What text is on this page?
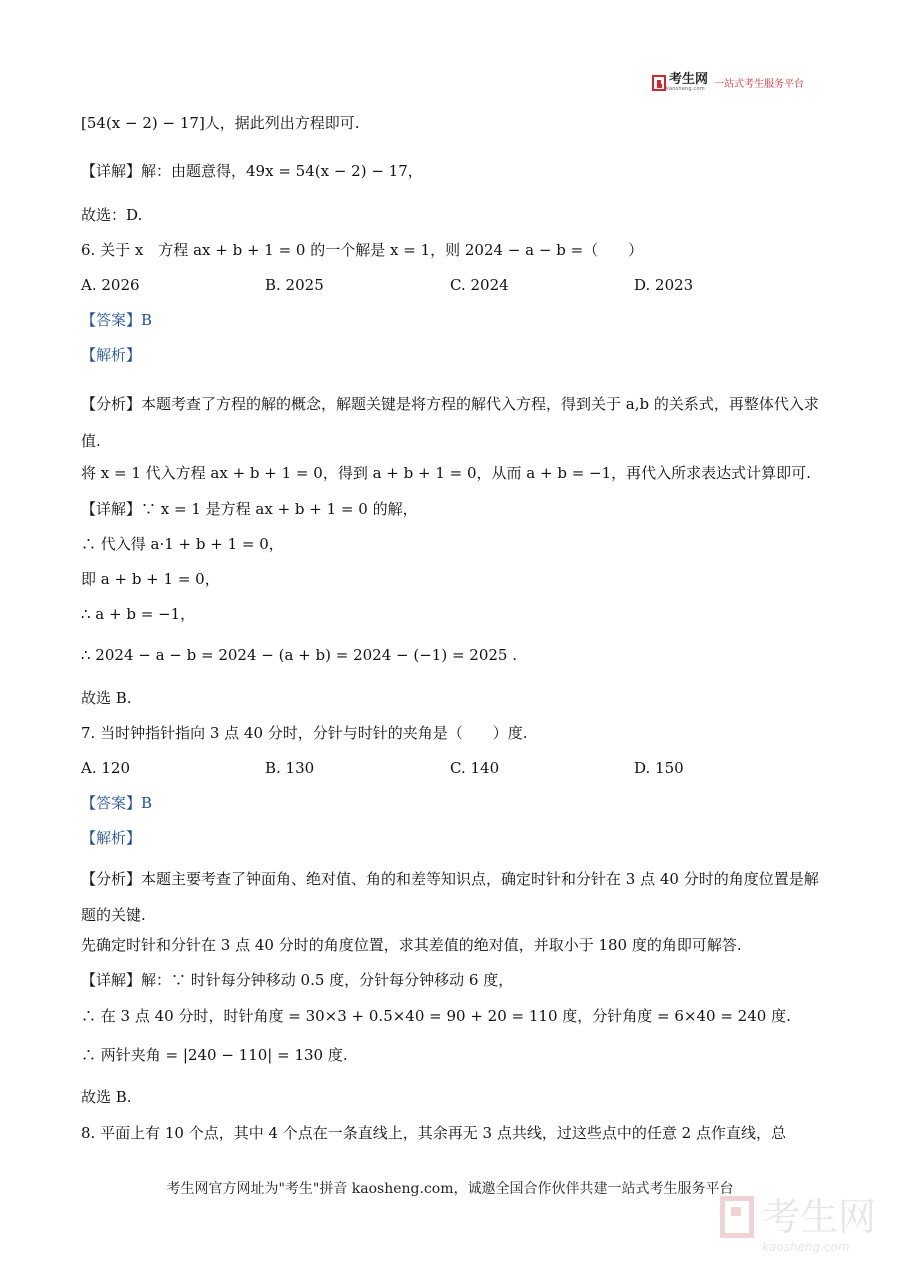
考生网
kaosheng.com 一站式考生服务平台
[54(x − 2) − 17]人，据此列出方程即可.
【详解】解：由题意得，49x = 54(x − 2) − 17，
故选：D.
6. 关于 x　方程 ax + b + 1 = 0 的一个解是 x = 1，则 2024 − a − b =（　　）
A. 2026	B. 2025	C. 2024	D. 2023
【答案】B
【解析】
【分析】本题考查了方程的解的概念，解题关键是将方程的解代入方程，得到关于 a,b 的关系式，再整体代入求值.
将 x = 1 代入方程 ax + b + 1 = 0，得到 a + b + 1 = 0，从而 a + b = −1，再代入所求表达式计算即可.
【详解】∵ x = 1 是方程 ax + b + 1 = 0 的解，
∴ 代入得 a·1 + b + 1 = 0，
即 a + b + 1 = 0，
∴ a + b = −1，
∴ 2024 − a − b = 2024 − (a + b) = 2024 − (−1) = 2025 .
故选 B.
7. 当时钟指针指向 3 点 40 分时，分针与时针的夹角是（　　）度.
A. 120	B. 130	C. 140	D. 150
【答案】B
【解析】
【分析】本题主要考查了钟面角、绝对值、角的和差等知识点，确定时针和分针在 3 点 40 分时的角度位置是解题的关键.
先确定时针和分针在 3 点 40 分时的角度位置，求其差值的绝对值，并取小于 180 度的角即可解答.
【详解】解：∵ 时针每分钟移动 0.5 度，分针每分钟移动 6 度，
∴ 在 3 点 40 分时，时针角度 = 30×3 + 0.5×40 = 90 + 20 = 110 度，分针角度 = 6×40 = 240 度.
∴ 两针夹角 = |240 − 110| = 130 度.
故选 B.
8. 平面上有 10 个点，其中 4 个点在一条直线上，其余再无 3 点共线，过这些点中的任意 2 点作直线，总
考生网官方网址为"考生"拼音 kaosheng.com，诚邀全国合作伙伴共建一站式考生服务平台
考生网
kaosheng.com
